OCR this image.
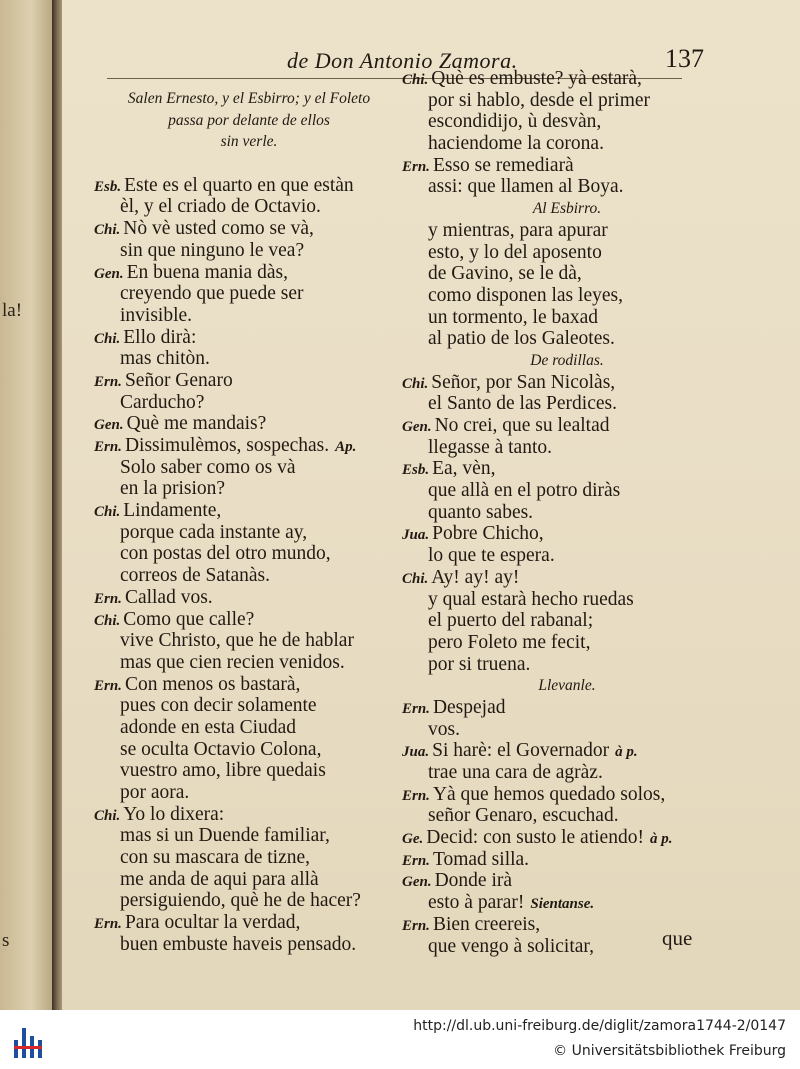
la!
s
de Don Antonio Zamora.	137
Salen Ernesto, y el Esbirro; y el Foleto
passa por delante de ellos
sin verle.
Esb. Este es el quarto en que estàn
èl, y el criado de Octavio.
Chi. Nò vè usted como se và,
sin que ninguno le vea?
Gen. En buena mania dàs,
creyendo que puede ser
invisible.
Chi. Ello dirà:
mas chitòn.
Ern. Señor Genaro
Carducho?
Gen. Què me mandais?
Ern. Dissimulèmos, sospechas. Ap.
Solo saber como os và
en la prision?
Chi. Lindamente,
porque cada instante ay,
con postas del otro mundo,
correos de Satanàs.
Ern. Callad vos.
Chi. Como que calle?
vive Christo, que he de hablar
mas que cien recien venidos.
Ern. Con menos os bastarà,
pues con decir solamente
adonde en esta Ciudad
se oculta Octavio Colona,
vuestro amo, libre quedais
por aora.
Chi. Yo lo dixera:
mas si un Duende familiar,
con su mascara de tizne,
me anda de aqui para allà
persiguiendo, què he de hacer?
Ern. Para ocultar la verdad,
buen embuste haveis pensado.
Chi. Què es embuste? yà estarà,
por si hablo, desde el primer
escondidijo, ù desvàn,
haciendome la corona.
Ern. Esso se remediarà
assi: que llamen al Boya.
Al Esbirro.
y mientras, para apurar
esto, y lo del aposento
de Gavino, se le dà,
como disponen las leyes,
un tormento, le baxad
al patio de los Galeotes.
De rodillas.
Chi. Señor, por San Nicolàs,
el Santo de las Perdices.
Gen. No crei, que su lealtad
llegasse à tanto.
Esb. Ea, vèn,
que allà en el potro diràs
quanto sabes.
Jua. Pobre Chicho,
lo que te espera.
Chi. Ay! ay! ay!
y qual estarà hecho ruedas
el puerto del rabanal;
pero Foleto me fecit,
por si truena.
Llevanle.
Ern. Despejad
vos.
Jua. Si harè: el Governador à p.
trae una cara de agràz.
Ern. Yà que hemos quedado solos,
señor Genaro, escuchad.
Ge. Decid: con susto le atiendo! à p.
Ern. Tomad silla.
Gen. Donde irà
esto à parar! Sientanse.
Ern. Bien creereis,
que vengo à solicitar,	que
http://dl.ub.uni-freiburg.de/diglit/zamora1744-2/0147
© Universitätsbibliothek Freiburg
